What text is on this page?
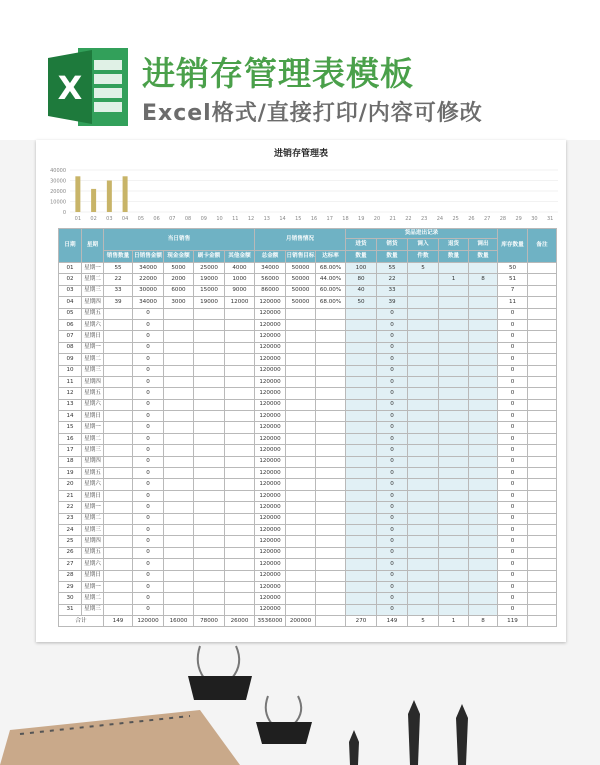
X 进销存管理表模板
Excel格式/直接打印/内容可修改
进销存管理表
40000
30000
20000
10000
0
01 02 03 04 05 06 07 08 09 10 11 12 13 14 15 16 17 18 19 20 21 22 23 24 25 26 27 28 29 30 31
日期	星期	当日销售					月销售情况			货品进出记录					库存数量	备注
										进货	销货	调入	退货	调出		
		销售数量	日销售金额	现金金额	刷卡金额	其他金额	总金额	日销售目标	达标率	数量	数量	件数	数量	数量		
01	星期一	55	34000	5000	25000	4000	34000	50000	68.00%	100	55	5			50	
02	星期二	22	22000	2000	19000	1000	56000	50000	44.00%	80	22		1	8	51	
03	星期三	33	30000	6000	15000	9000	86000	50000	60.00%	40	33				7	
04	星期四	39	34000	3000	19000	12000	120000	50000	68.00%	50	39				11	
05	星期五		0				120000				0				0	
06	星期六		0				120000				0				0	
07	星期日		0				120000				0				0	
08	星期一		0				120000				0				0	
09	星期二		0				120000				0				0	
10	星期三		0				120000				0				0	
11	星期四		0				120000				0				0	
12	星期五		0				120000				0				0	
13	星期六		0				120000				0				0	
14	星期日		0				120000				0				0	
15	星期一		0				120000				0				0	
16	星期二		0				120000				0				0	
17	星期三		0				120000				0				0	
18	星期四		0				120000				0				0	
19	星期五		0				120000				0				0	
20	星期六		0				120000				0				0	
21	星期日		0				120000				0				0	
22	星期一		0				120000				0				0	
23	星期二		0				120000				0				0	
24	星期三		0				120000				0				0	
25	星期四		0				120000				0				0	
26	星期五		0				120000				0				0	
27	星期六		0				120000				0				0	
28	星期日		0				120000				0				0	
29	星期一		0				120000				0				0	
30	星期二		0				120000				0				0	
31	星期三		0				120000				0				0	
合计		149	120000	16000	78000	26000	3536000	200000		270	149	5	1	8	119	
